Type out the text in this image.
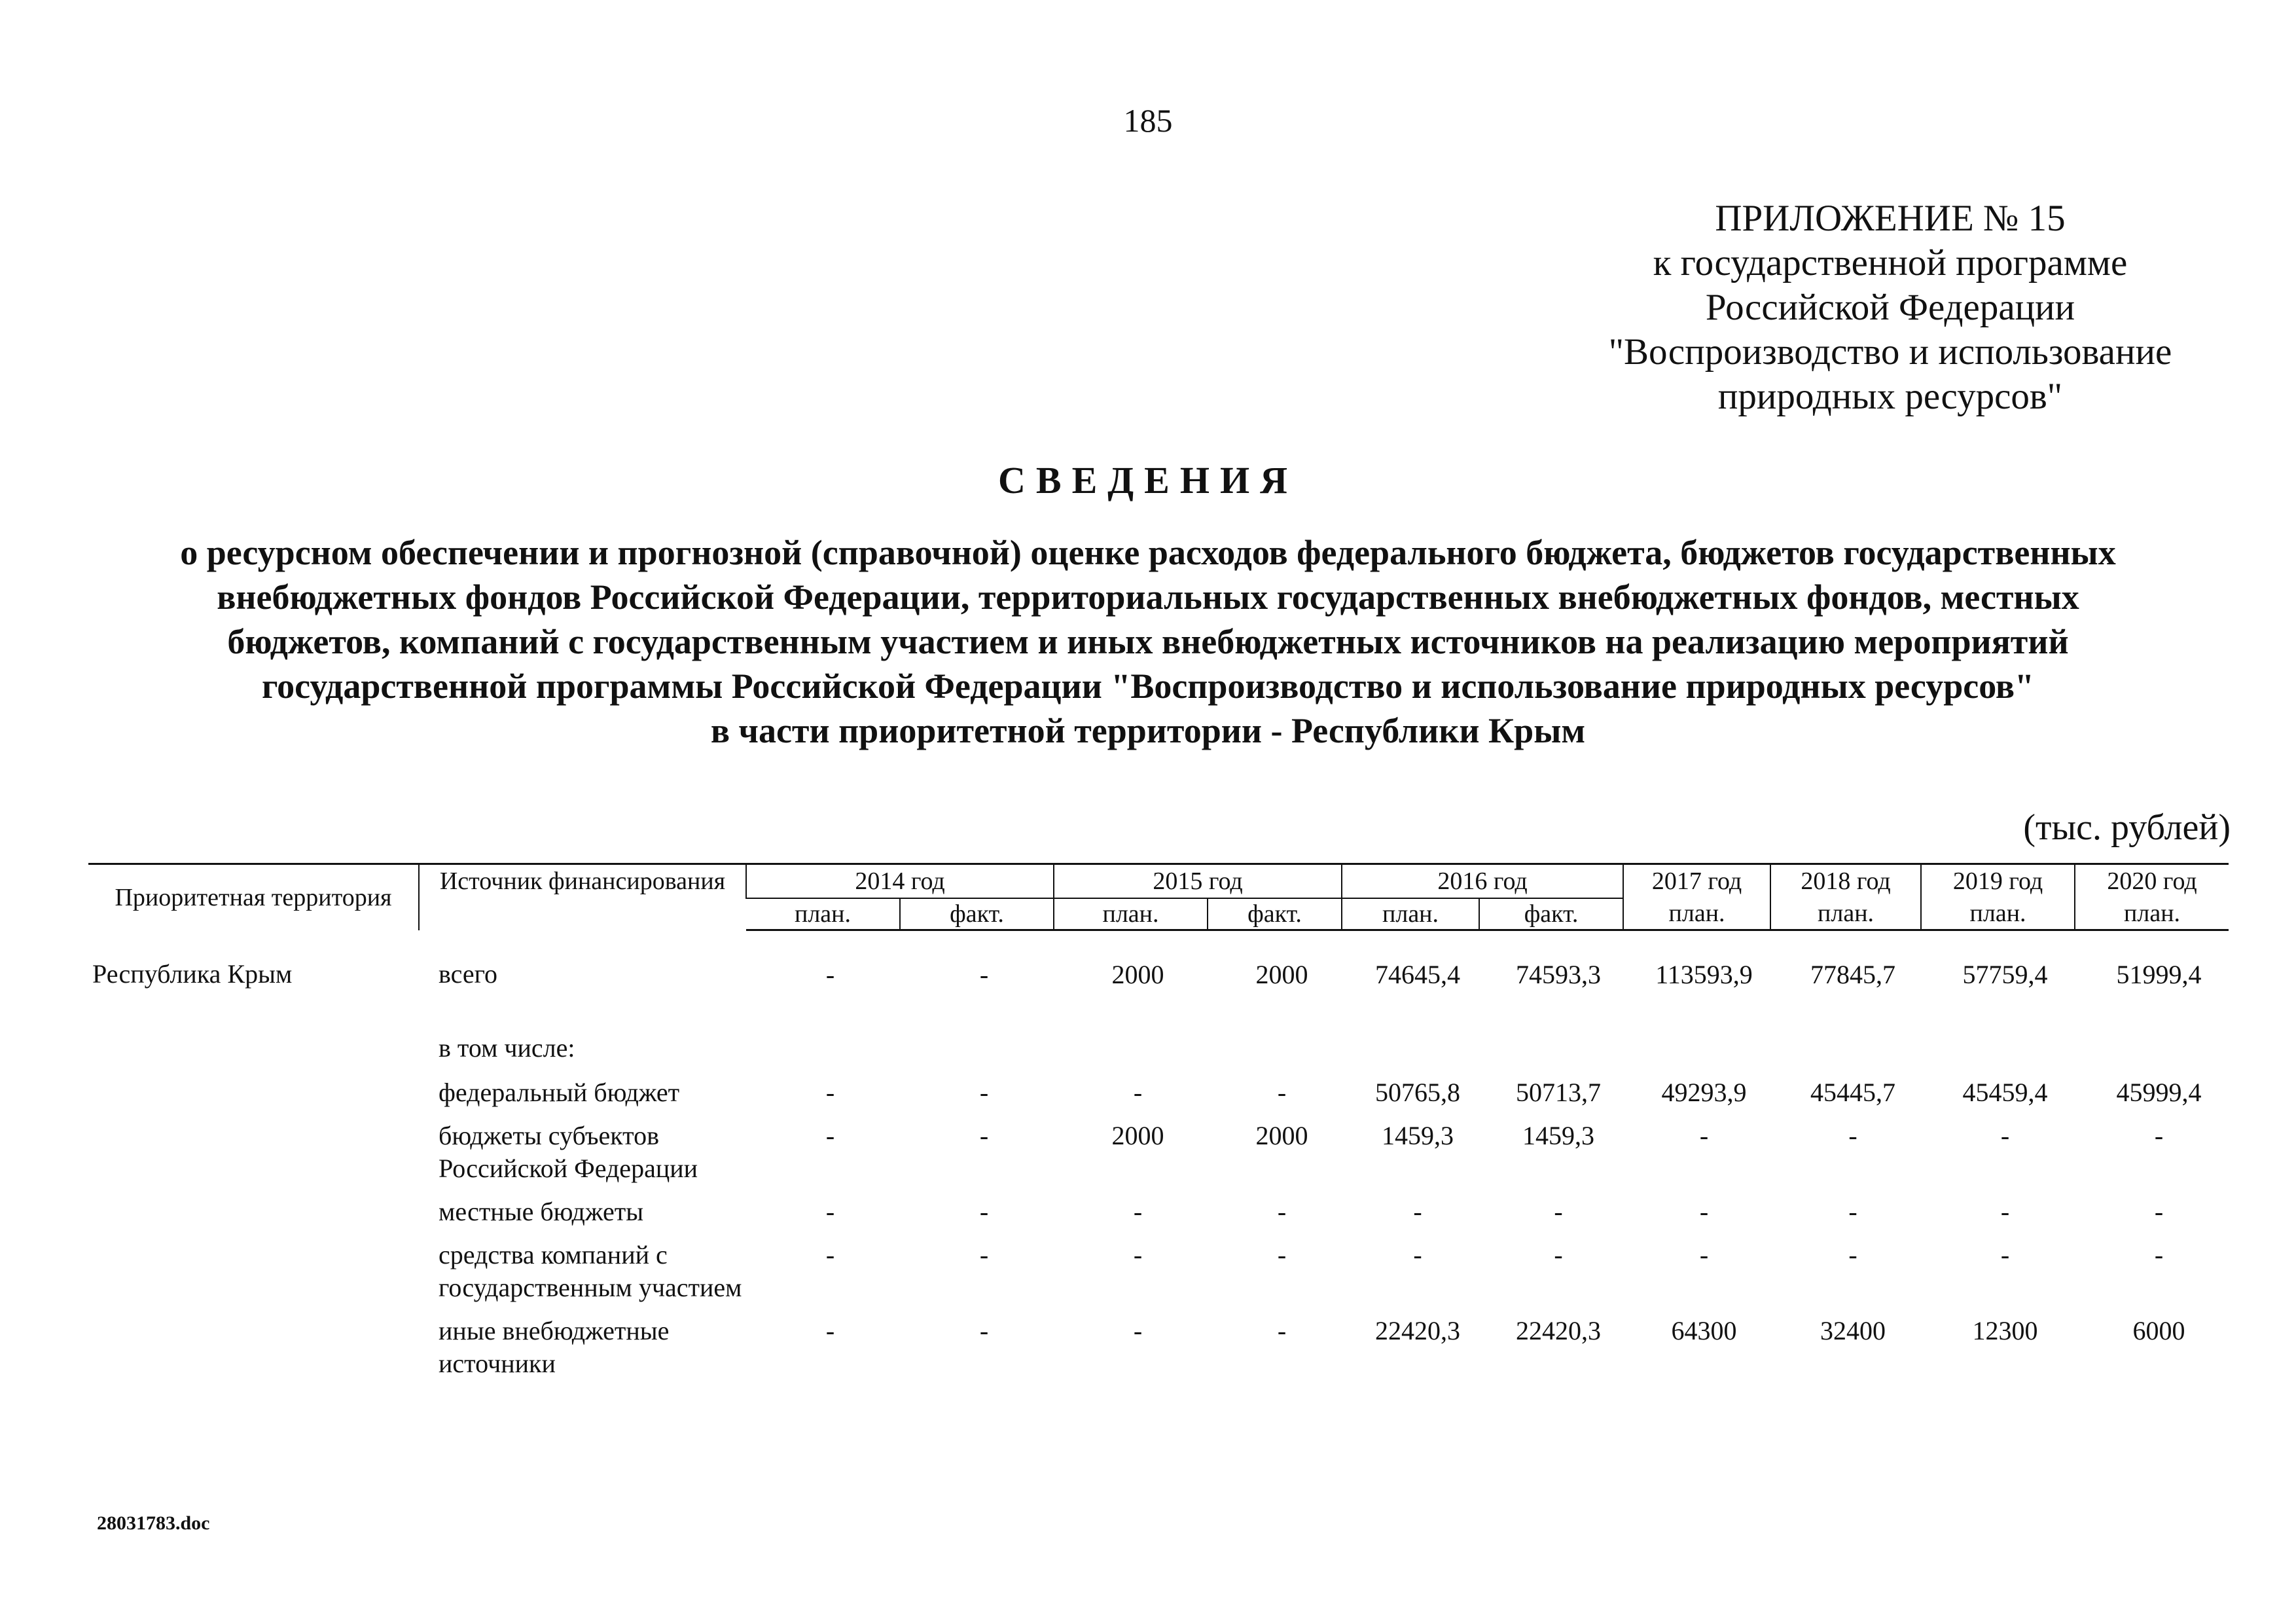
185
ПРИЛОЖЕНИЕ № 15
к государственной программе
Российской Федерации
"Воспроизводство и использование
природных ресурсов"
СВЕДЕНИЯ
о ресурсном обеспечении и прогнозной (справочной) оценке расходов федерального бюджета, бюджетов государственных
внебюджетных фондов Российской Федерации, территориальных государственных внебюджетных фондов, местных
бюджетов, компаний с государственным участием и иных внебюджетных источников на реализацию мероприятий
государственной программы Российской Федерации "Воспроизводство и использование природных ресурсов"
в части приоритетной территории - Республики Крым
(тыс. рублей)
Приоритетная территория	Источник финансирования	2014 год		2015 год		2016 год		2017 год	2018 год	2019 год	2020 год
		план.	факт.	план.	факт.	план.	факт.	план.	план.	план.	план.
Республика Крым	всего	-	-	2000	2000	74645,4	74593,3	113593,9	77845,7	57759,4	51999,4
	в том числе:										
	федеральный бюджет	-	-	-	-	50765,8	50713,7	49293,9	45445,7	45459,4	45999,4
	бюджеты субъектов Российской Федерации	-	-	2000	2000	1459,3	1459,3	-	-	-	-
	местные бюджеты	-	-	-	-	-	-	-	-	-	-
	средства компаний с государственным участием	-	-	-	-	-	-	-	-	-	-
	иные внебюджетные источники	-	-	-	-	22420,3	22420,3	64300	32400	12300	6000
28031783.doc
